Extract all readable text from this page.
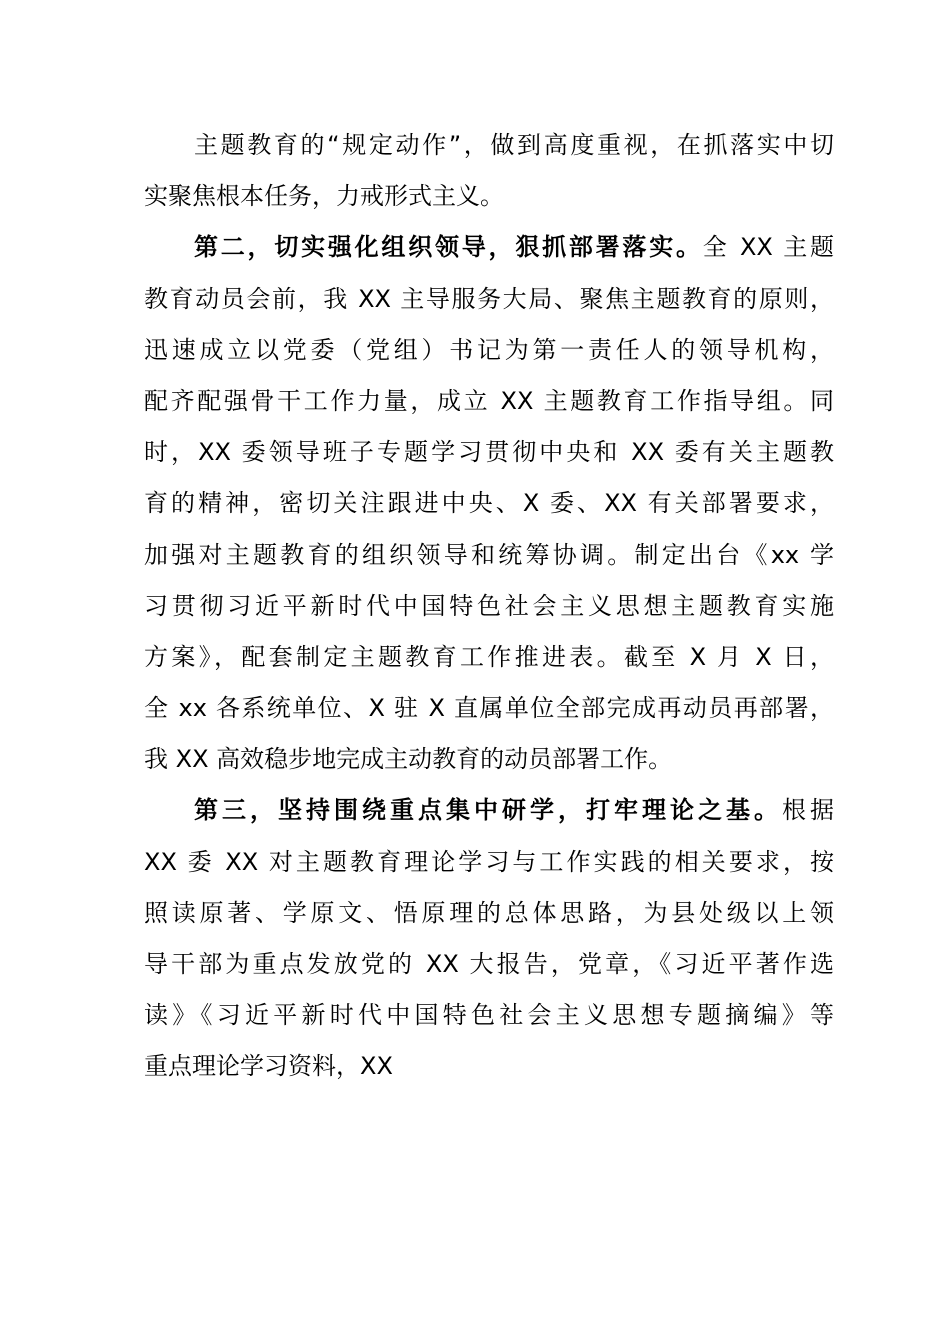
主题教育的“规定动作”，做到高度重视，在抓落实中切
实聚焦根本任务，力戒形式主义。
第二，切实强化组织领导，狠抓部署落实。全 XX 主题
教育动员会前，我 XX 主导服务大局、聚焦主题教育的原则，
迅速成立以党委（党组）书记为第一责任人的领导机构，
配齐配强骨干工作力量，成立 XX 主题教育工作指导组。同
时，XX 委领导班子专题学习贯彻中央和 XX 委有关主题教
育的精神，密切关注跟进中央、X 委、XX 有关部署要求，
加强对主题教育的组织领导和统筹协调。制定出台《xx 学
习贯彻习近平新时代中国特色社会主义思想主题教育实施
方案》，配套制定主题教育工作推进表。截至 X 月 X 日，
全 xx 各系统单位、X 驻 X 直属单位全部完成再动员再部署，
我 XX 高效稳步地完成主动教育的动员部署工作。
第三，坚持围绕重点集中研学，打牢理论之基。根据
XX 委 XX 对主题教育理论学习与工作实践的相关要求，按
照读原著、学原文、悟原理的总体思路，为县处级以上领
导干部为重点发放党的 XX 大报告，党章，《习近平著作选
读》《习近平新时代中国特色社会主义思想专题摘编》等
重点理论学习资料，XX
